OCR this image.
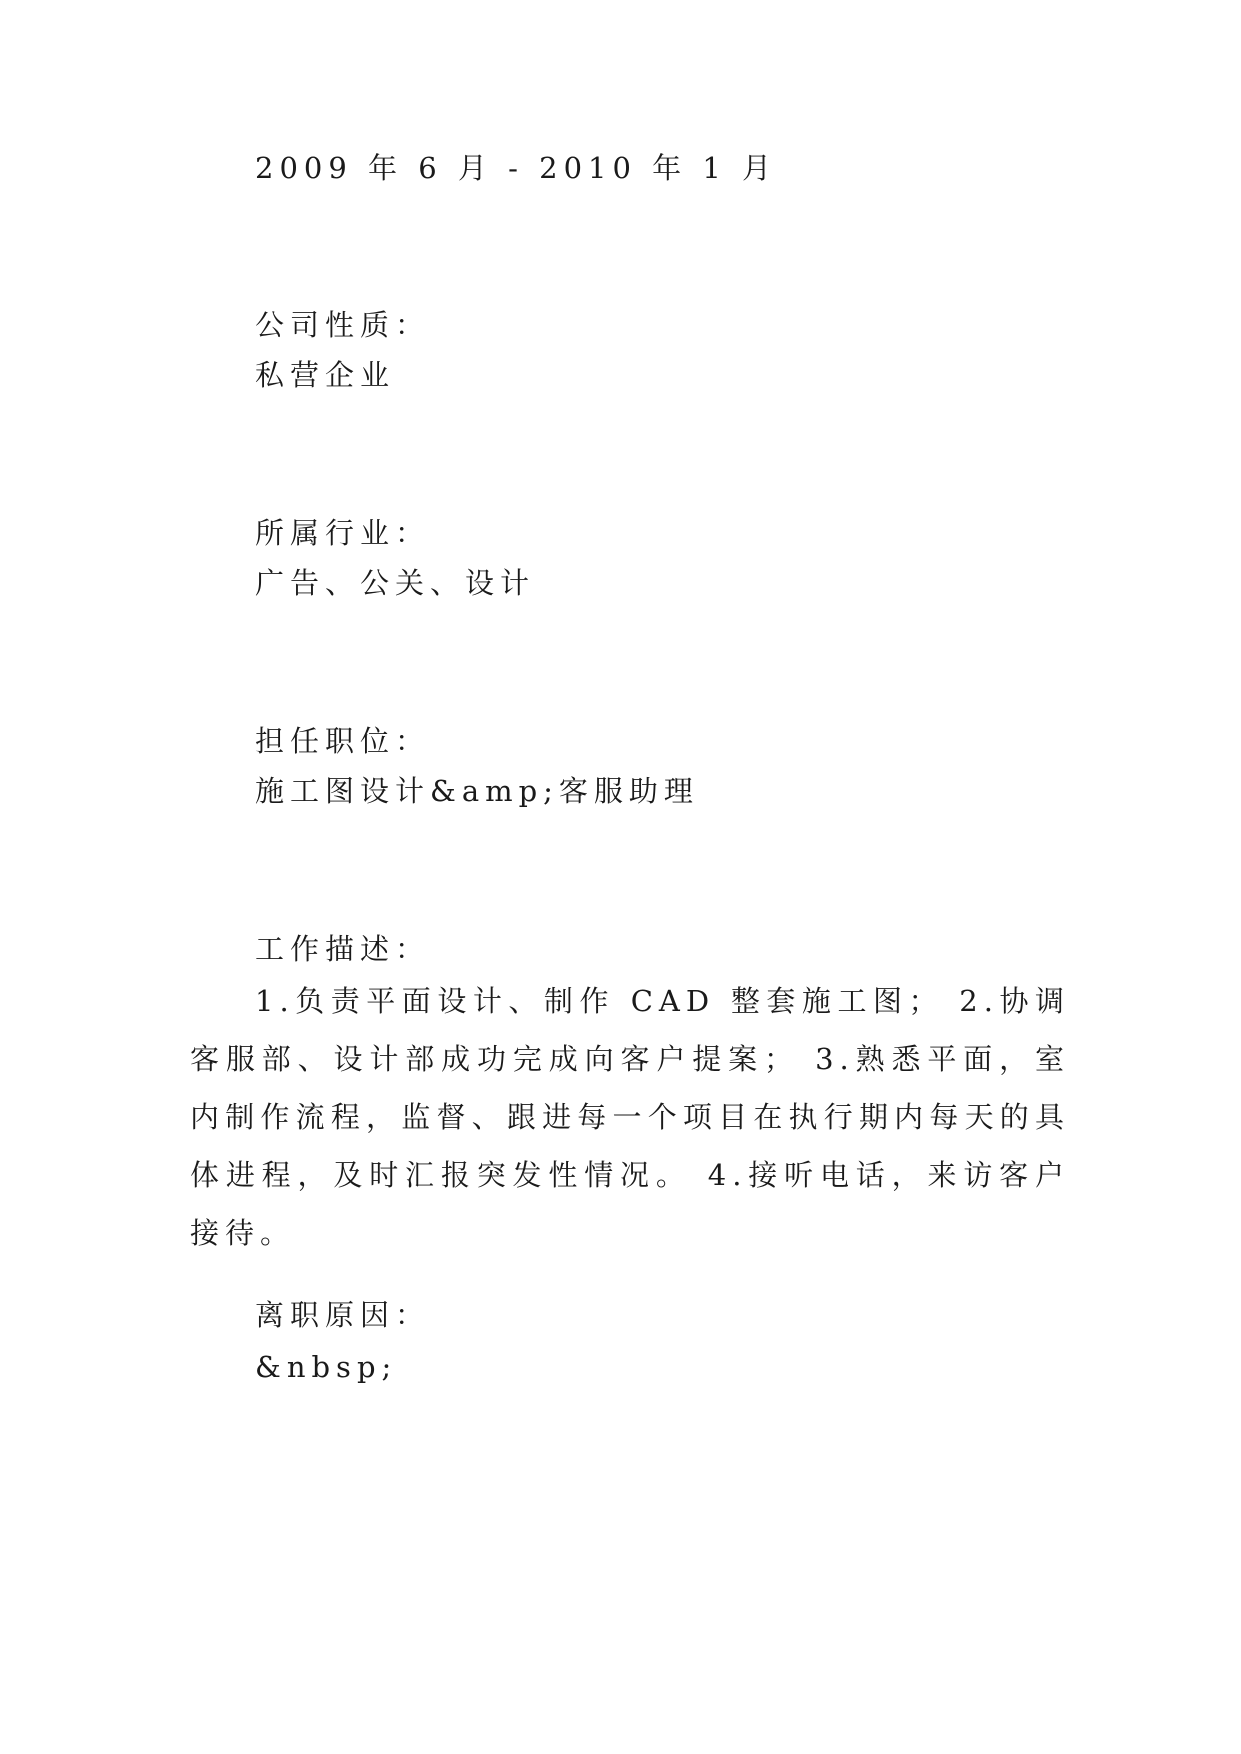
2009 年 6 月 - 2010 年 1 月
公司性质：
私营企业
所属行业：
广告、公关、设计
担任职位：
施工图设计&amp;客服助理
工作描述：

1.负责平面设计、制作 CAD 整套施工图； 2.协调客服部、设计部成功完成向客户提案； 3.熟悉平面，室内制作流程，监督、跟进每一个项目在执行期内每天的具体进程，及时汇报突发性情况。 4.接听电话，来访客户接待。

离职原因：
&nbsp;
